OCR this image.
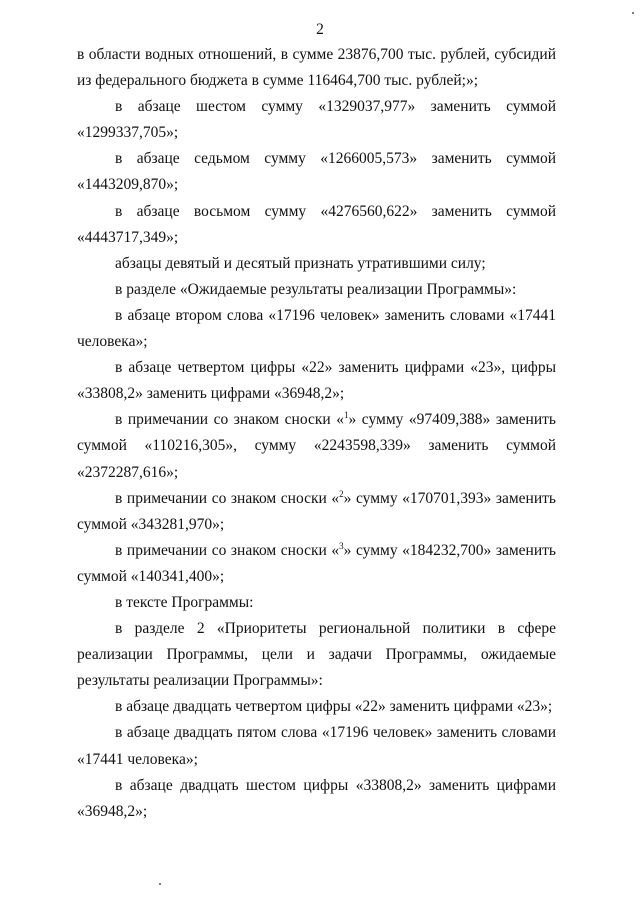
2

в области водных отношений, в сумме 23876,700 тыс. рублей, субсидий из федерального бюджета в сумме 116464,700 тыс. рублей;»;

в абзаце шестом сумму «1329037,977» заменить суммой «1299337,705»;

в абзаце седьмом сумму «1266005,573» заменить суммой «1443209,870»;

в абзаце восьмом сумму «4276560,622» заменить суммой «4443717,349»;

абзацы девятый и десятый признать утратившими силу;

в разделе «Ожидаемые результаты реализации Программы»:

в абзаце втором слова «17196 человек» заменить словами «17441 человека»;

в абзаце четвертом цифры «22» заменить цифрами «23», цифры «33808,2» заменить цифрами «36948,2»;

в примечании со знаком сноски «$^1$» сумму «97409,388» заменить суммой «110216,305», сумму «2243598,339» заменить суммой «2372287,616»;

в примечании со знаком сноски «$^2$» сумму «170701,393» заменить суммой «343281,970»;

в примечании со знаком сноски «$^3$» сумму «184232,700» заменить суммой «140341,400»;

в тексте Программы:

в разделе 2 «Приоритеты региональной политики в сфере реализации Программы, цели и задачи Программы, ожидаемые результаты реализации Программы»:

в абзаце двадцать четвертом цифры «22» заменить цифрами «23»;

в абзаце двадцать пятом слова «17196 человек» заменить словами «17441 человека»;

в абзаце двадцать шестом цифры «33808,2» заменить цифрами «36948,2»;
